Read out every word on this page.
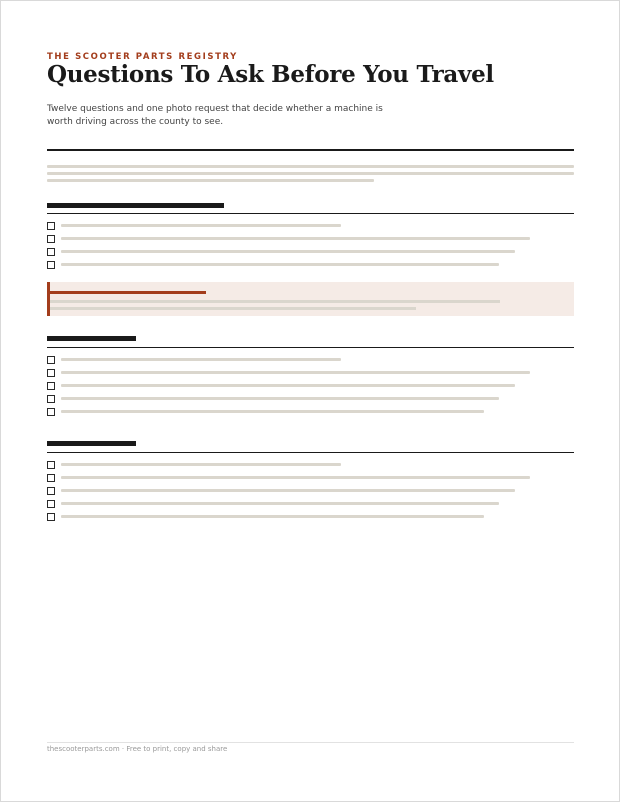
THE SCOOTER PARTS REGISTRY
Questions To Ask Before You Travel
Twelve questions and one photo request that decide whether a machine is worth driving across the county to see.
thescooterparts.com · Free to print, copy and share
